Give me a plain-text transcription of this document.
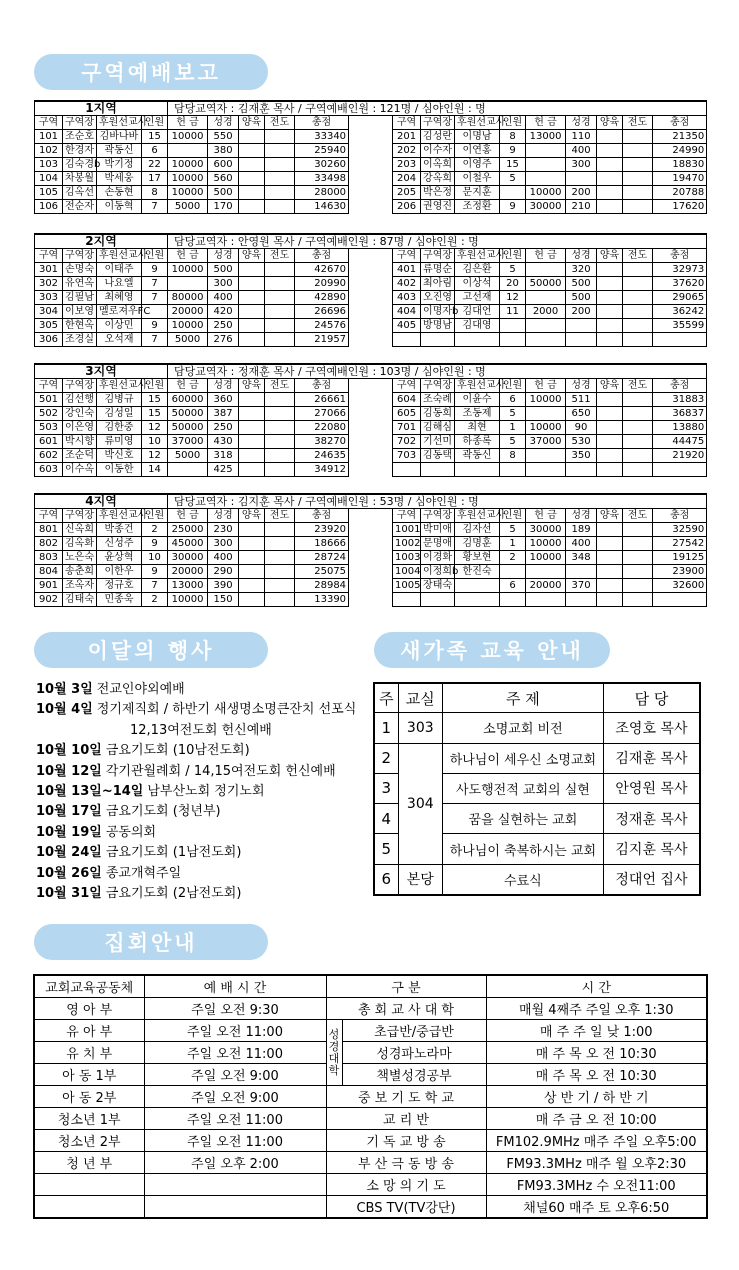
구역예배보고
1지역				담당교역자 : 김재훈 목사 / 구역예배인원 : 121명 / 심야인원 : 명														
구역	구역장	후원선교사	인원	헌 금	성경	양육	전도	총점		구역	구역장	후원선교사	인원	헌 금	성경	양육	전도	총점
101	조순호	김바나바	15	10000	550			33340		201	김성란	이명남	8	13000	110			21350
102	한경자	곽동신	6		380			25940		202	이수자	이연홍	9		400			24990
103	김숙경b	박기정	22	10000	600			30260		203	이옥희	이영주	15		300			18830
104	차봉월	박세웅	17	10000	560			33498		204	강옥희	이철우	5					19470
105	김옥선	손동현	8	10000	500			28000		205	박은정	문지훈		10000	200			20788
106	전순자	이동혁	7	5000	170			14630		206	권영진	조정환	9	30000	210			17620
2지역				담당교역자 : 안영원 목사 / 구역예배인원 : 87명 / 심야인원 : 명														
구역	구역장	후원선교사	인원	헌 금	성경	양육	전도	총점		구역	구역장	후원선교사	인원	헌 금	성경	양육	전도	총점
301	손명숙	이태주	9	10000	500			42670		401	류명순	김은환	5		320			32973
302	유연옥	나요엘	7		300			20990		402	최아림	이상석	20	50000	500			37620
303	김필남	최혜영	7	80000	400			42890		403	오진영	고선재	12		500			29065
304	이보영	멜로져우FC		20000	420			26696		404	이명자b	김대언	11	2000	200			36242
305	한현옥	이상민	9	10000	250			24576		405	방명남	김대영						35599
306	조경실	오석재	7	5000	276			21957										
3지역				담당교역자 : 정재훈 목사 / 구역예배인원 : 103명 / 심야인원 : 명														
구역	구역장	후원선교사	인원	헌 금	성경	양육	전도	총점		구역	구역장	후원선교사	인원	헌 금	성경	양육	전도	총점
501	김선행	김병규	15	60000	360			26661		604	조숙례	이윤수	6	10000	511			31883
502	강인숙	김성일	15	50000	387			27066		605	김동희	조동제	5		650			36837
503	이은영	김한중	12	50000	250			22080		701	김해심	최현	1	10000	90			13880
601	박시향	류미영	10	37000	430			38270		702	기선미	하종록	5	37000	530			44475
602	조순덕	박신호	12	5000	318			24635		703	김동택	곽동신	8		350			21920
603	이수옥	이동한	14		425			34912										
4지역				담당교역자 : 김지훈 목사 / 구역예배인원 : 53명 / 심야인원 : 명														
구역	구역장	후원선교사	인원	헌 금	성경	양육	전도	총점		구역	구역장	후원선교사	인원	헌 금	성경	양육	전도	총점
801	신옥희	박종건	2	25000	230			23920		1001	박미애	김자선	5	30000	189			32590
802	김옥화	신성주	9	45000	300			18666		1002	문명애	김명훈	1	10000	400			27542
803	노은숙	윤상혁	10	30000	400			28724		1003	이경화	황보현	2	10000	348			19125
804	송춘희	이한우	9	20000	290			25075		1004	이정희b	한진숙						23900
901	조옥자	정규호	7	13000	390			28984		1005	장태숙		6	20000	370			32600
902	김태숙	민종욱	2	10000	150			13390										
이달의 행사	새가족 교육 안내
10월 3일 전교인야외예배
10월 4일 정기제직회 / 하반기 새생명소명큰잔치 선포식
12,13여전도회 헌신예배
10월 10일 금요기도회 (10남전도회)
10월 12일 각기관월례회 / 14,15여전도회 헌신예배
10월 13일~14일 남부산노회 정기노회
10월 17일 금요기도회 (청년부)
10월 19일 공동의회
10월 24일 금요기도회 (1남전도회)
10월 26일 종교개혁주일
10월 31일 금요기도회 (2남전도회)
주	교실	주 제	담 당
1	303	소명교회 비전	조영호 목사
2	304	하나님이 세우신 소명교회	김재훈 목사
3		사도행전적 교회의 실현	안영원 목사
4		꿈을 실현하는 교회	정재훈 목사
5		하나님이 축복하시는 교회	김지훈 목사
6	본당	수료식	정대언 집사
집회안내
교회교육공동체	예 배 시 간	구 분		시 간
영 아 부	주일 오전 9:30	총 회 교 사 대 학		매월 4째주 주일 오후 1:30
유 아 부	주일 오전 11:00	성경대학	초급반/중급반	매 주 주 일 낮 1:00
유 치 부	주일 오전 11:00		성경파노라마	매 주 목 오 전 10:30
아 동 1부	주일 오전 9:00		책별성경공부	매 주 목 오 전 10:30
아 동 2부	주일 오전 9:00	중 보 기 도 학 교		상 반 기 / 하 반 기
청소년 1부	주일 오전 11:00	교 리 반		매 주 금 오 전 10:00
청소년 2부	주일 오전 11:00	기 독 교 방 송		FM102.9MHz 매주 주일 오후5:00
청 년 부	주일 오후 2:00	부 산 극 동 방 송		FM93.3MHz 매주 월 오후2:30
		소 망 의 기 도		FM93.3MHz 수 오전11:00
		CBS TV(TV강단)		채널60 매주 토 오후6:50
